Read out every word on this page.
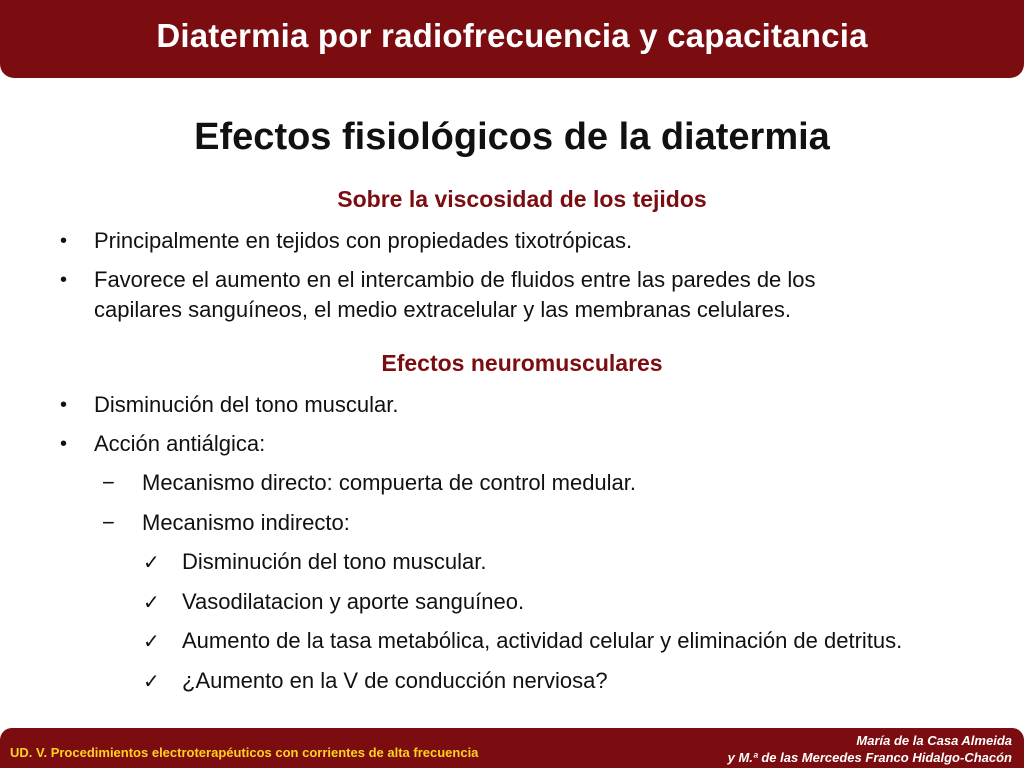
Diatermia por radiofrecuencia y capacitancia
Efectos fisiológicos de la diatermia
Sobre la viscosidad de los tejidos
• Principalmente en tejidos con propiedades tixotrópicas.
• Favorece el aumento en el intercambio de fluidos entre las paredes de los
capilares sanguíneos, el medio extracelular y las membranas celulares.
Efectos neuromusculares
• Disminución del tono muscular.
• Acción antiálgica:
− Mecanismo directo: compuerta de control medular.
− Mecanismo indirecto:
✓ Disminución del tono muscular.
✓ Vasodilatacion y aporte sanguíneo.
✓ Aumento de la tasa metabólica, actividad celular y eliminación de detritus.
✓ ¿Aumento en la V de conducción nerviosa?
UD. V. Procedimientos electroterapéuticos con corrientes de alta frecuencia
María de la Casa Almeida
y M.ª de las Mercedes Franco Hidalgo-Chacón
